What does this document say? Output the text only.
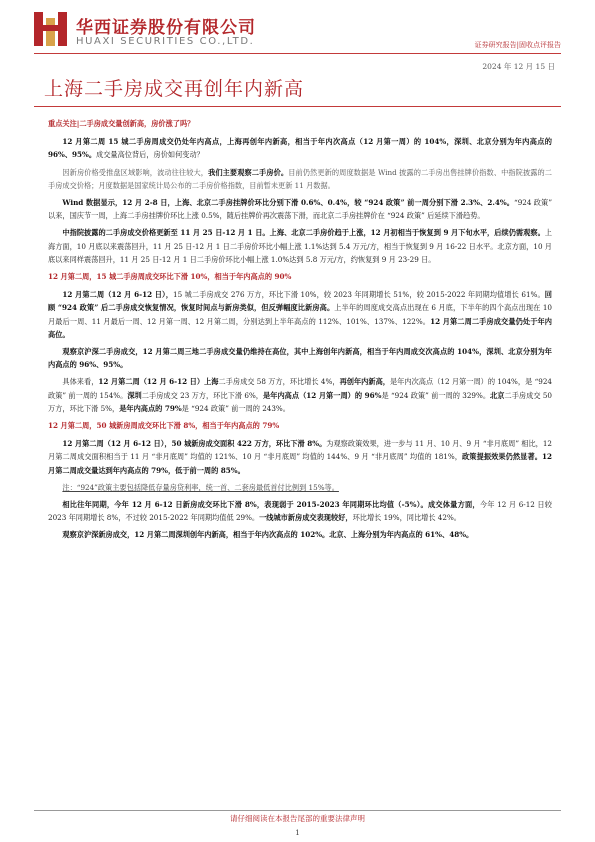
华西证券股份有限公司
HUAXI SECURITIES CO.,LTD.	证券研究报告|固收点评报告
2024 年 12 月 15 日
上海二手房成交再创年内新高

重点关注|二手房成交量创新高，房价涨了吗？

12 月第二周 15 城二手房周成交仍处年内高点，上海再创年内新高，相当于年内次高点（12 月第一周）的 104%，深圳、北京分别为年内高点的 96%、95%。成交量高位背后，房价如何变动？

因新房价格受推盘区域影响，波动往往较大，我们主要观察二手房价。目前仍然更新的周度数据是 Wind 披露的二手房出售挂牌价指数、中指院披露的二手房成交价格；月度数据是国家统计局公布的二手房价格指数，目前暂未更新 11 月数据。

Wind 数据显示，12 月 2-8 日，上海、北京二手房挂牌价环比分别下滑 0.6%、0.4%，较 “924 政策” 前一周分别下滑 2.3%、2.4%。“924 政策” 以来，国庆节一周，上海二手房挂牌价环比上涨 0.5%，随后挂牌价再次震荡下滑，而北京二手房挂牌价在 “924 政策” 后延续下滑趋势。

中指院披露的二手房成交价格更新至 11 月 25 日-12 月 1 日。上海、北京二手房价趋于上涨，12 月初相当于恢复到 9 月下旬水平，后续仍需观察。上海方面，10 月底以来震荡回升，11 月 25 日-12 月 1 日二手房价环比小幅上涨 1.1%达到 5.4 万元/方，相当于恢复到 9 月 16-22 日水平。北京方面，10 月底以来同样震荡回升，11 月 25 日-12 月 1 日二手房价环比小幅上涨 1.0%达到 5.8 万元/方，约恢复到 9 月 23-29 日。

12 月第二周，15 城二手房周成交环比下滑 10%，相当于年内高点的 90%

12 月第二周（12 月 6-12 日），15 城二手房成交 276 万方，环比下滑 10%，较 2023 年同期增长 51%，较 2015-2022 年同期均值增长 61%。回顾 “924 政策” 后二手房成交恢复情况，恢复时间点与新房类似，但反弹幅度比新房高。上半年的周度成交高点出现在 6 月底，下半年的四个高点出现在 10 月最后一周、11 月最后一周、12 月第一周、12 月第二周，分别达到上半年高点的 112%、101%、137%、122%。12 月第二周二手房成交量仍处于年内高位。

观察京沪深二手房成交，12 月第二周三地二手房成交量仍维持在高位，其中上海创年内新高，相当于年内周成交次高点的 104%，深圳、北京分别为年内高点的 96%、95%。

具体来看，12 月第二周（12 月 6-12 日）上海二手房成交 58 万方，环比增长 4%，再创年内新高，是年内次高点（12 月第一周）的 104%，是 “924 政策” 前一周的 154%。深圳二手房成交 23 万方，环比下滑 6%，是年内高点（12 月第一周）的 96%是 “924 政策” 前一周的 329%。北京二手房成交 50 万方，环比下滑 5%，是年内高点的 79%是 “924 政策” 前一周的 243%。

12 月第二周，50 城新房周成交环比下滑 8%，相当于年内高点的 79%

12 月第二周（12 月 6-12 日），50 城新房成交面积 422 万方，环比下滑 8%。为观察政策效果，进一步与 11 月、10 月、9 月 “非月底周” 相比，12 月第二周成交面积相当于 11 月 “非月底周” 均值的 121%、10 月 “非月底周” 均值的 144%、9 月 “非月底周” 均值的 181%，政策提振效果仍然显著。12 月第二周成交量达到年内高点的 79%，低于前一周的 85%。

注：“924”政策主要包括降低存量房贷利率，统一首、二套房最低首付比例到 15%等。

相比往年同期，今年 12 月 6-12 日新房成交环比下滑 8%，表现弱于 2015-2023 年同期环比均值（-5%）。成交体量方面，今年 12 月 6-12 日较 2023 年同期增长 8%，不过较 2015-2022 年同期均值低 29%。一线城市新房成交表现较好，环比增长 19%，同比增长 42%。

观察京沪深新房成交，12 月第二周深圳创年内新高，相当于年内次高点的 102%。北京、上海分别为年内高点的 61%、48%。

请仔细阅读在本报告尾部的重要法律声明
1
